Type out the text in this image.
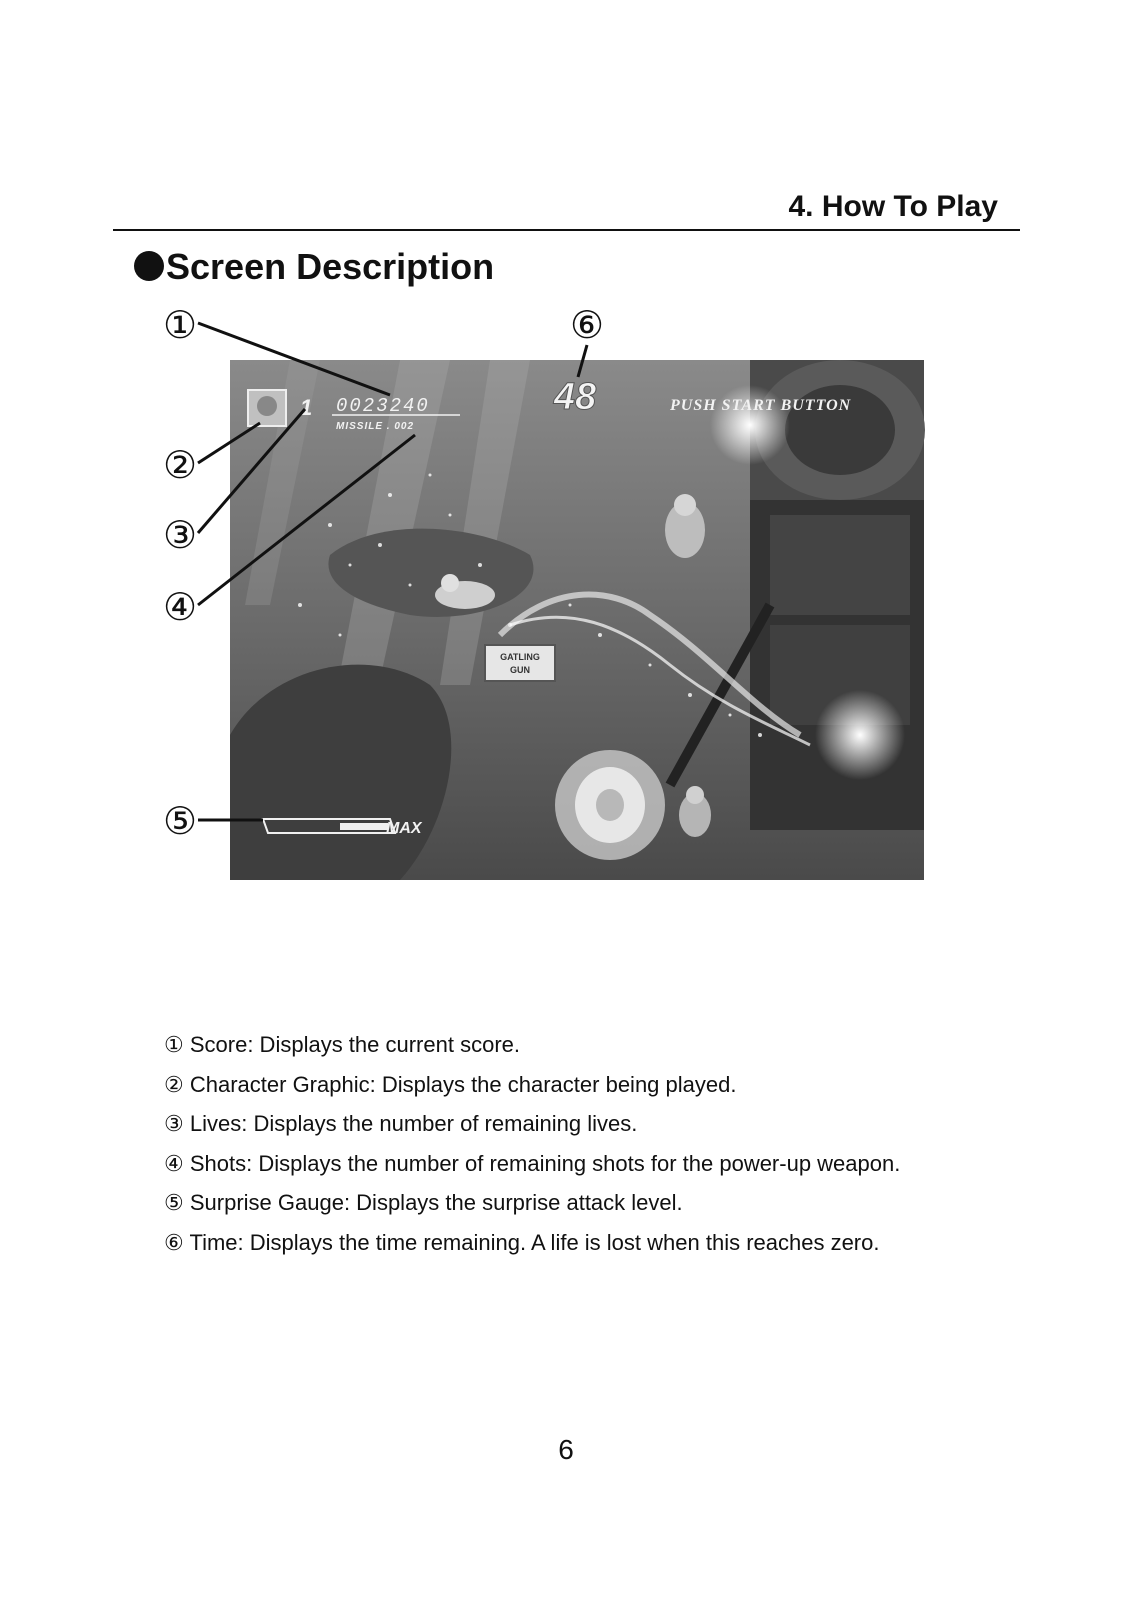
4. How To Play
Screen Description
GATLING
GUN
1 0023240
MISSILE . 002
48	PUSH START BUTTON
MAX
①
②
③
④
⑤
⑥
① Score: Displays the current score.
② Character Graphic: Displays the character being played.
③ Lives: Displays the number of remaining lives.
④ Shots: Displays the number of remaining shots for the power-up weapon.
⑤ Surprise Gauge: Displays the surprise attack level.
⑥ Time: Displays the time remaining. A life is lost when this reaches zero.
6
